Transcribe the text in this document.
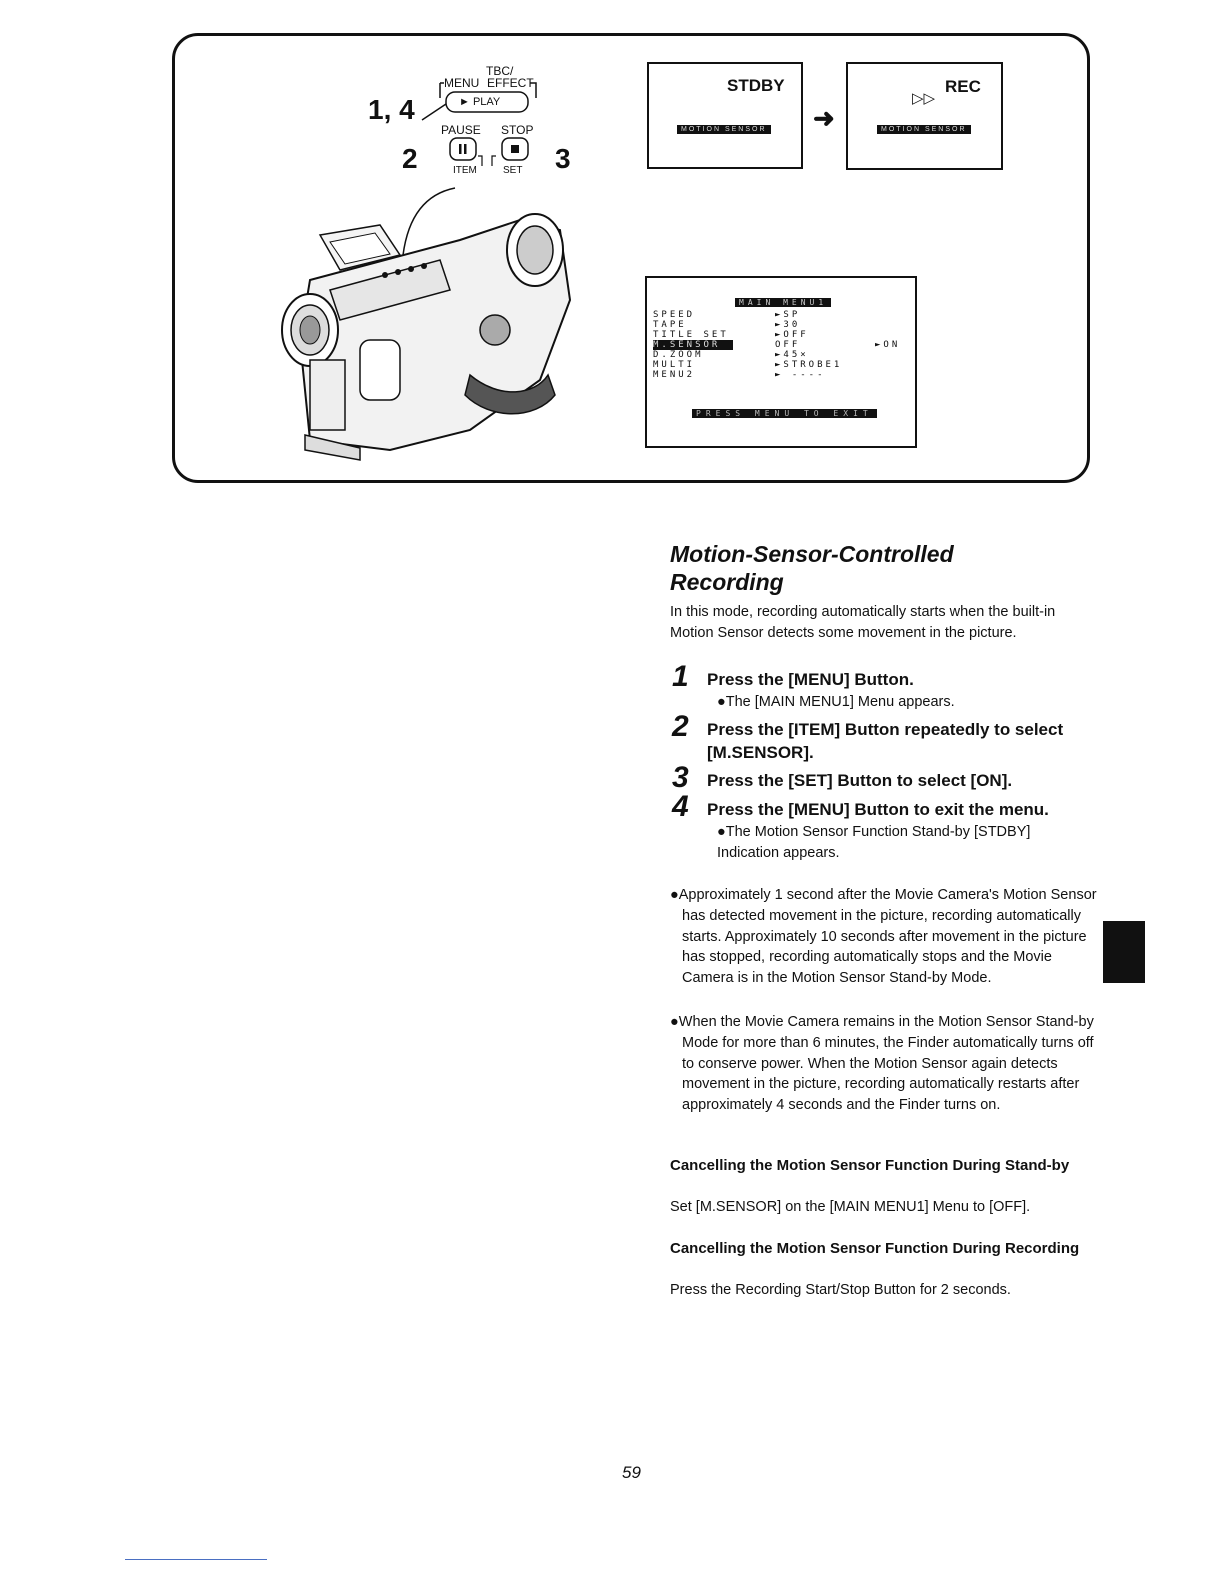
TBC/
MENU EFFECT
► PLAY
1, 4
PAUSE STOP
2	3
ITEM	SET
STDBY
MOTION SENSOR ➜
▷▷
REC
MOTION SENSOR
MAIN MENU1
SPEED	►SP
TAPE	►30
TITLE SET	►OFF
M.SENSOR	OFF	►ON
D.ZOOM	►45×
MULTI	►STROBE1
MENU2	► ----
PRESS MENU TO EXIT
Motion-Sensor-Controlled
Recording
In this mode, recording automatically starts when the built-in Motion Sensor detects some movement in the picture.
1 Press the [MENU] Button.
●The [MAIN MENU1] Menu appears.
2 Press the [ITEM] Button repeatedly to select [M.SENSOR].
3 Press the [SET] Button to select [ON].
4 Press the [MENU] Button to exit the menu.
●The Motion Sensor Function Stand-by [STDBY] Indication appears.
●Approximately 1 second after the Movie Camera's Motion Sensor has detected movement in the picture, recording automatically starts. Approximately 10 seconds after movement in the picture has stopped, recording automatically stops and the Movie Camera is in the Motion Sensor Stand-by Mode.
●When the Movie Camera remains in the Motion Sensor Stand-by Mode for more than 6 minutes, the Finder automatically turns off to conserve power. When the Motion Sensor again detects movement in the picture, recording automatically restarts after approximately 4 seconds and the Finder turns on.
Cancelling the Motion Sensor Function During Stand-by
Set [M.SENSOR] on the [MAIN MENU1] Menu to [OFF].
Cancelling the Motion Sensor Function During Recording
Press the Recording Start/Stop Button for 2 seconds.
59
